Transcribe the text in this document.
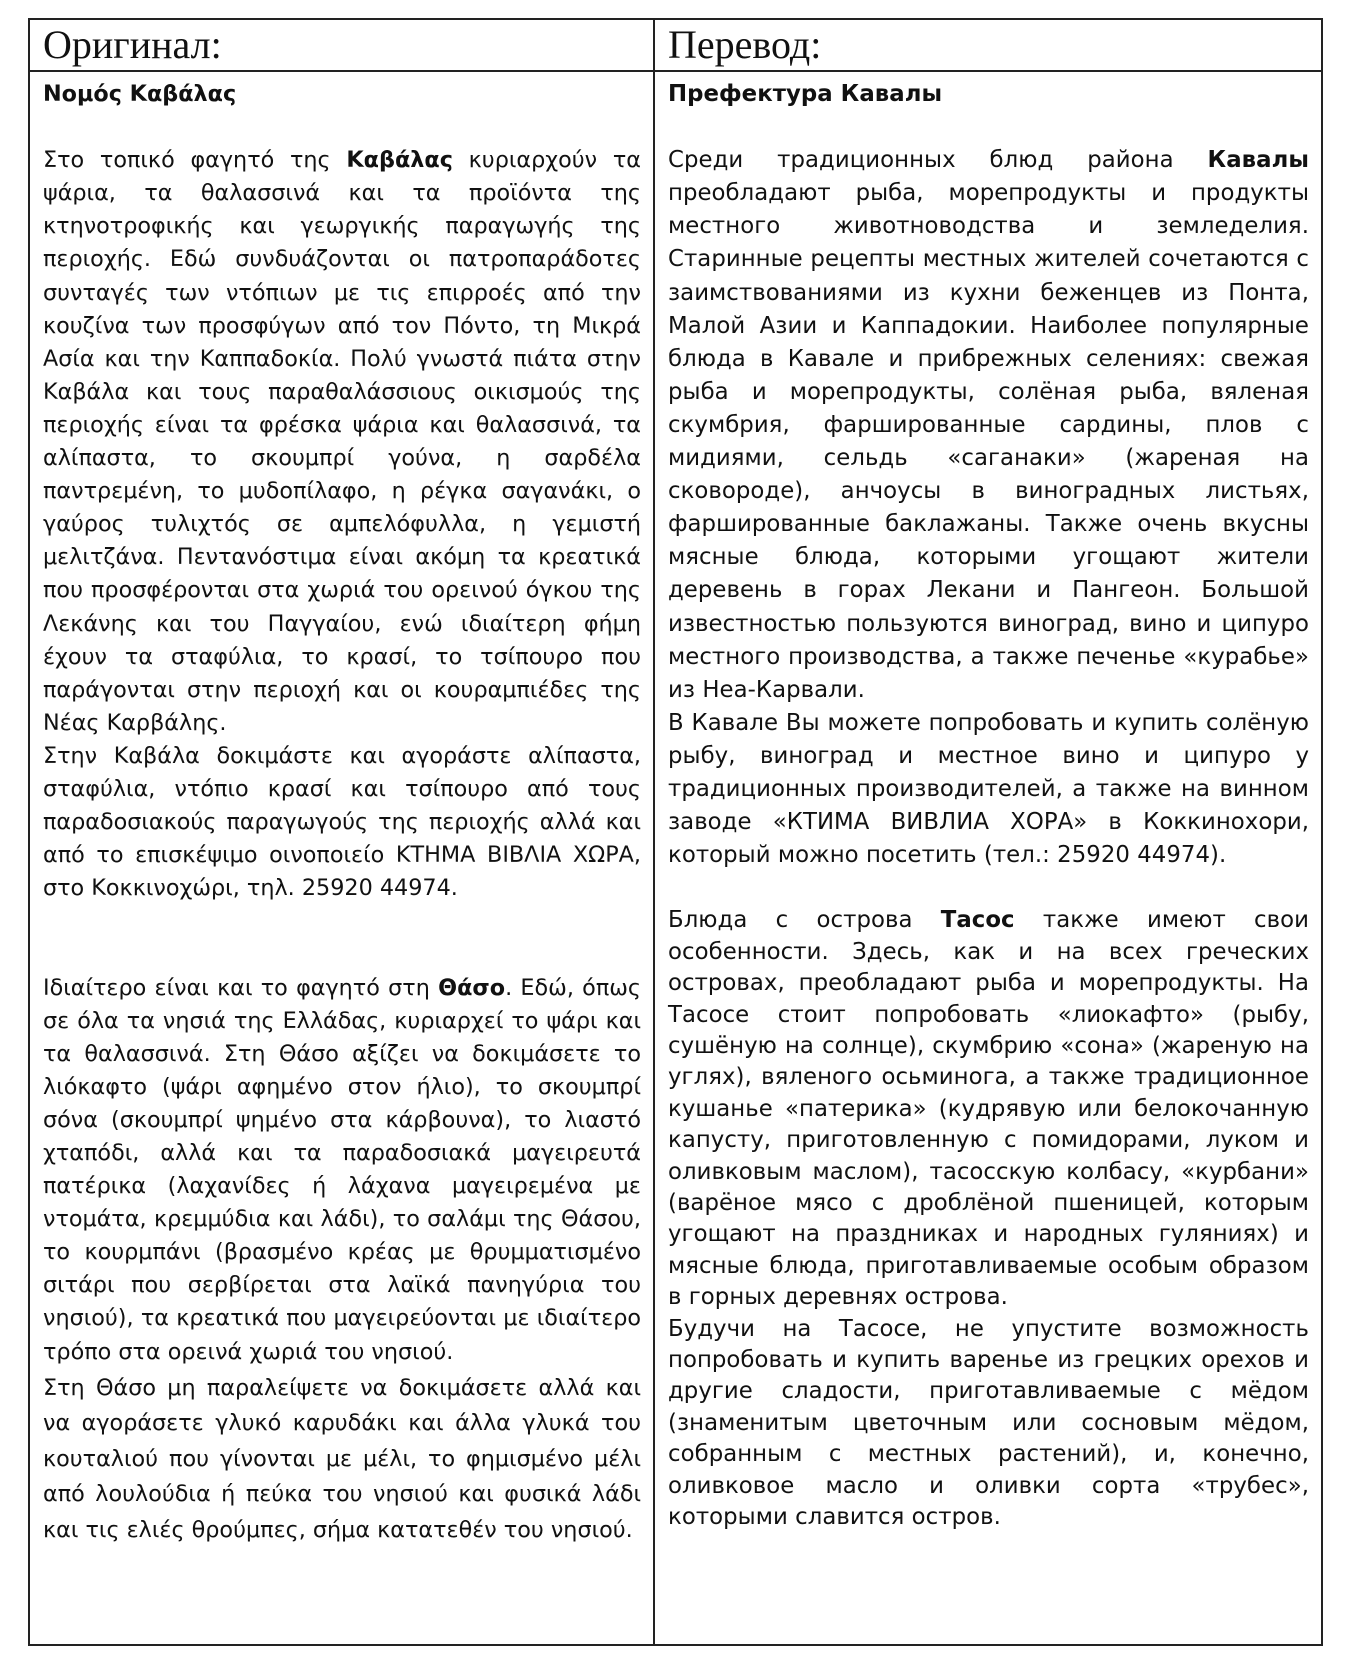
Оригинал:

Νομός Καβάλας

Στο τοπικό φαγητό της Καβάλας κυριαρχούν τα ψάρια, τα θαλασσινά και τα προϊόντα της κτηνοτροφικής και γεωργικής παραγωγής της περιοχής. Εδώ συνδυάζονται οι πατροπαράδοτες συνταγές των ντόπιων με τις επιρροές από την κουζίνα των προσφύγων από τον Πόντο, τη Μικρά Ασία και την Καππαδοκία. Πολύ γνωστά πιάτα στην Καβάλα και τους παραθαλάσσιους οικισμούς της περιοχής είναι τα φρέσκα ψάρια και θαλασσινά, τα αλίπαστα, το σκουμπρί γούνα, η σαρδέλα παντρεμένη, το μυδοπίλαφο, η ρέγκα σαγανάκι, ο γαύρος τυλιχτός σε αμπελόφυλλα, η γεμιστή μελιτζάνα. Πεντανόστιμα είναι ακόμη τα κρεατικά που προσφέρονται στα χωριά του ορεινού όγκου της Λεκάνης και του Παγγαίου, ενώ ιδιαίτερη φήμη έχουν τα σταφύλια, το κρασί, το τσίπουρο που παράγονται στην περιοχή και οι κουραμπιέδες της Νέας Καρβάλης.

Στην Καβάλα δοκιμάστε και αγοράστε αλίπαστα, σταφύλια, ντόπιο κρασί και τσίπουρο από τους παραδοσιακούς παραγωγούς της περιοχής αλλά και από το επισκέψιμο οινοποιείο ΚΤΗΜΑ ΒΙΒΛΙΑ ΧΩΡΑ, στο Κοκκινοχώρι, τηλ. 25920 44974.

Ιδιαίτερο είναι και το φαγητό στη Θάσο. Εδώ, όπως σε όλα τα νησιά της Ελλάδας, κυριαρχεί το ψάρι και τα θαλασσινά. Στη Θάσο αξίζει να δοκιμάσετε το λιόκαφτο (ψάρι αφημένο στον ήλιο), το σκουμπρί σόνα (σκουμπρί ψημένο στα κάρβουνα), το λιαστό χταπόδι, αλλά και τα παραδοσιακά μαγειρευτά πατέρικα (λαχανίδες ή λάχανα μαγειρεμένα με ντομάτα, κρεμμύδια και λάδι), το σαλάμι της Θάσου, το κουρμπάνι (βρασμένο κρέας με θρυμματισμένο σιτάρι που σερβίρεται στα λαϊκά πανηγύρια του νησιού), τα κρεατικά που μαγειρεύονται με ιδιαίτερο τρόπο στα ορεινά χωριά του νησιού.

Στη Θάσο μη παραλείψετε να δοκιμάσετε αλλά και να αγοράσετε γλυκό καρυδάκι και άλλα γλυκά του κουταλιού που γίνονται με μέλι, το φημισμένο μέλι από λουλούδια ή πεύκα του νησιού και φυσικά λάδι και τις ελιές θρούμπες, σήμα κατατεθέν του νησιού.

Перевод:

Префектура Кавалы

Среди традиционных блюд района Кавалы преобладают рыба, морепродукты и продукты местного животноводства и земледелия. Старинные рецепты местных жителей сочетаются с заимствованиями из кухни беженцев из Понта, Малой Азии и Каппадокии. Наиболее популярные блюда в Кавале и прибрежных селениях: свежая рыба и морепродукты, солёная рыба, вяленая скумбрия, фаршированные сардины, плов с мидиями, сельдь «саганаки» (жареная на сковороде), анчоусы в виноградных листьях, фаршированные баклажаны. Также очень вкусны мясные блюда, которыми угощают жители деревень в горах Лекани и Пангеон. Большой известностью пользуются виноград, вино и ципуро местного производства, а также печенье «курабье» из Неа-Карвали.

В Кавале Вы можете попробовать и купить солёную рыбу, виноград и местное вино и ципуро у традиционных производителей, а также на винном заводе «КТИМА ВИВЛИА ХОРА» в Коккинохори, который можно посетить (тел.: 25920 44974).

Блюда с острова Тасос также имеют свои особенности. Здесь, как и на всех греческих островах, преобладают рыба и морепродукты. На Тасосе стоит попробовать «лиокафто» (рыбу, сушёную на солнце), скумбрию «сона» (жареную на углях), вяленого осьминога, а также традиционное кушанье «патерика» (кудрявую или белокочанную капусту, приготовленную с помидорами, луком и оливковым маслом), тасосскую колбасу, «курбани» (варёное мясо с дроблёной пшеницей, которым угощают на праздниках и народных гуляниях) и мясные блюда, приготавливаемые особым образом в горных деревнях острова.

Будучи на Тасосе, не упустите возможность попробовать и купить варенье из грецких орехов и другие сладости, приготавливаемые с мёдом (знаменитым цветочным или сосновым мёдом, собранным с местных растений), и, конечно, оливковое масло и оливки сорта «трубес», которыми славится остров.
